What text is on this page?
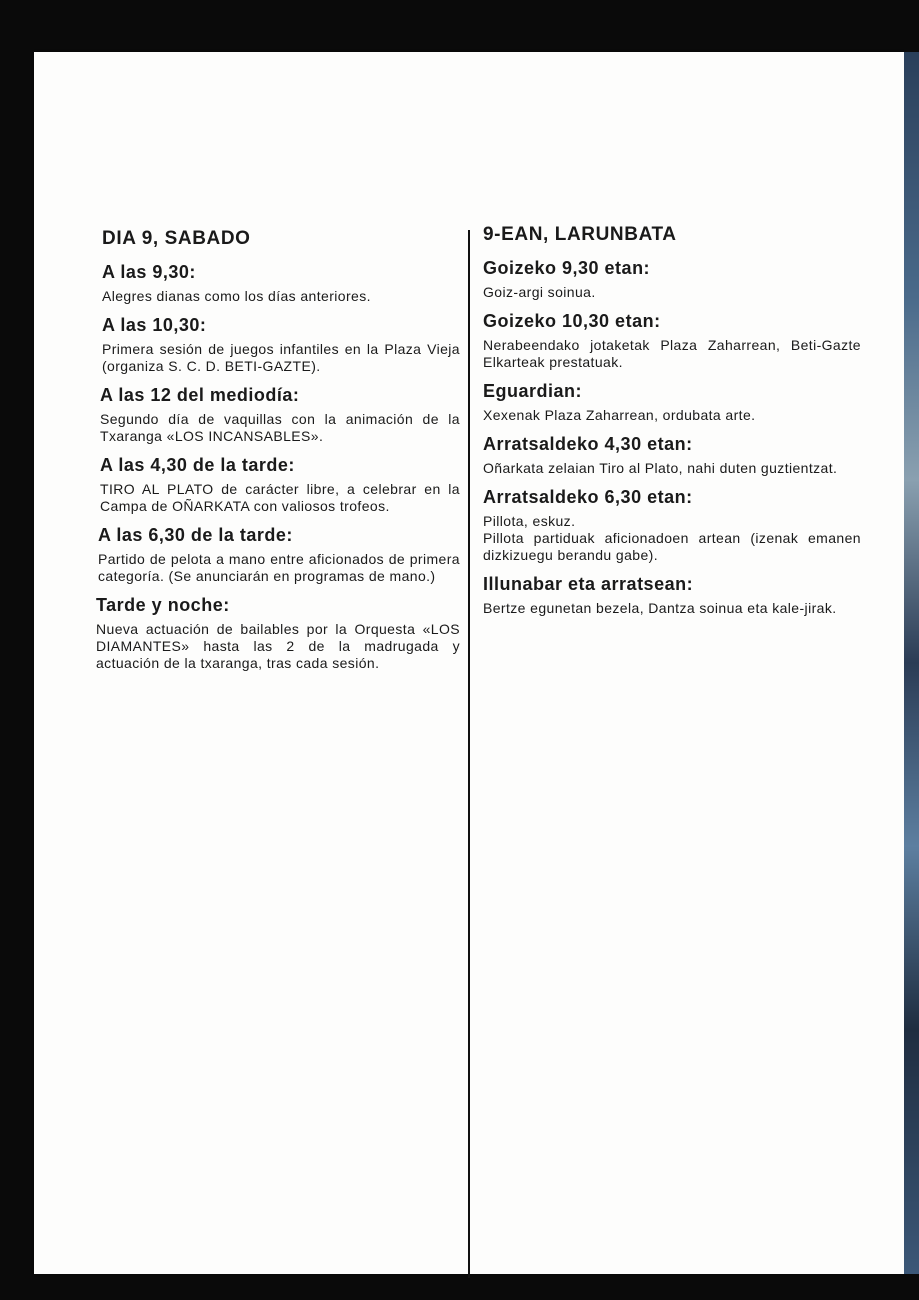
DIA 9, SABADO
A las 9,30:
Alegres dianas como los días anteriores.
A las 10,30:
Primera sesión de juegos infantiles en la Plaza Vieja (organiza S. C. D. BETI-GAZTE).
A las 12 del mediodía:
Segundo día de vaquillas con la animación de la Txaranga «LOS INCANSABLES».
A las 4,30 de la tarde:
TIRO AL PLATO de carácter libre, a celebrar en la Campa de OÑARKATA con valiosos trofeos.
A las 6,30 de la tarde:
Partido de pelota a mano entre aficionados de primera categoría. (Se anunciarán en programas de mano.)
Tarde y noche:
Nueva actuación de bailables por la Orquesta «LOS DIAMANTES» hasta las 2 de la madrugada y actuación de la txaranga, tras cada sesión.
9-EAN, LARUNBATA
Goizeko 9,30 etan:
Goiz-argi soinua.
Goizeko 10,30 etan:
Nerabeendako jotaketak Plaza Zaharrean, Beti-Gazte Elkarteak prestatuak.
Eguardian:
Xexenak Plaza Zaharrean, ordubata arte.
Arratsaldeko 4,30 etan:
Oñarkata zelaian Tiro al Plato, nahi duten guztientzat.
Arratsaldeko 6,30 etan:
Pillota, eskuz.
Pillota partiduak aficionadoen artean (izenak emanen dizkizuegu berandu gabe).
Illunabar eta arratsean:
Bertze egunetan bezela, Dantza soinua eta kale-jirak.
